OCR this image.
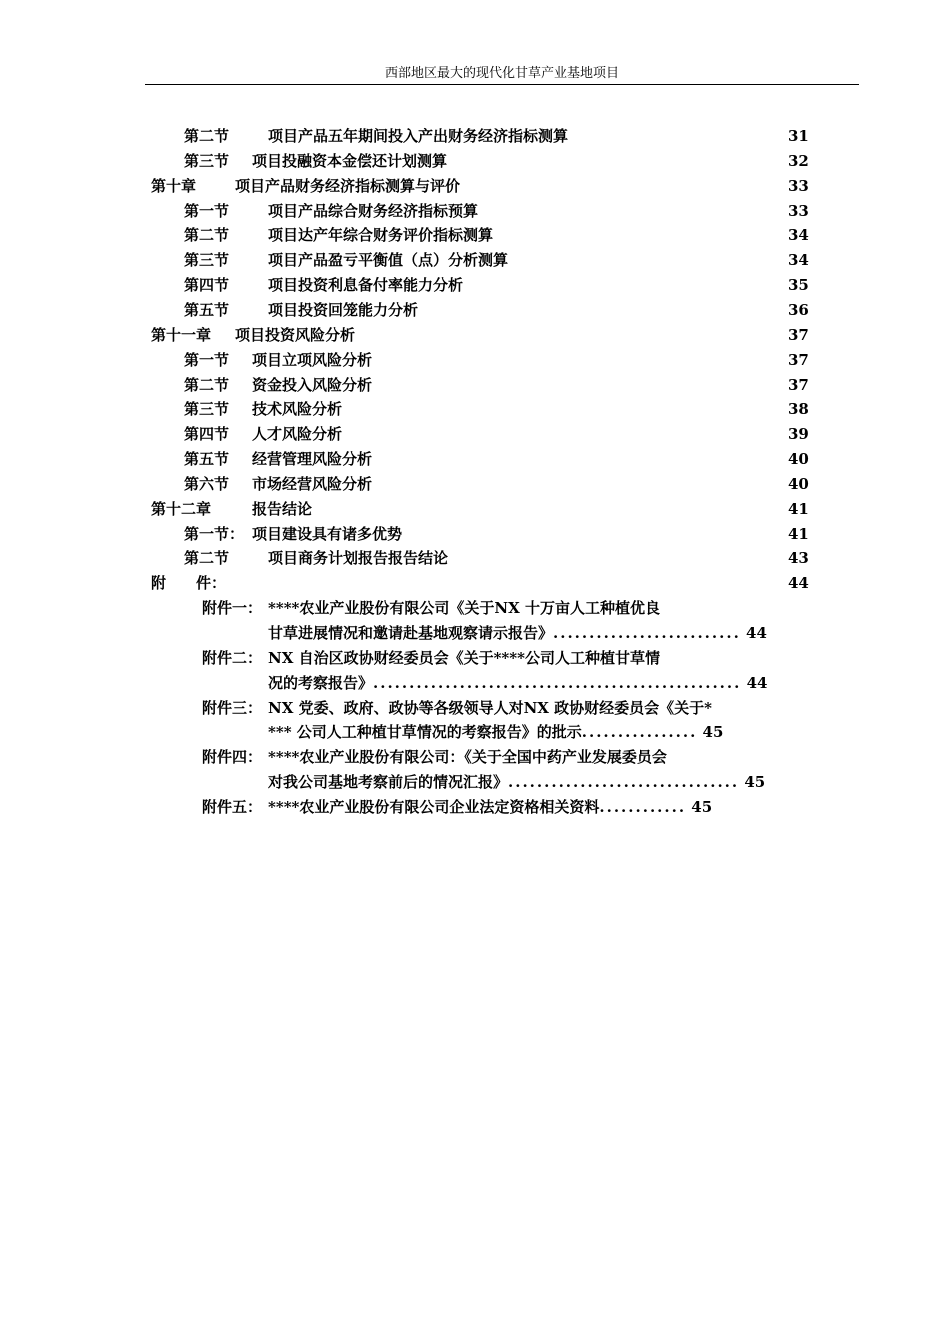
西部地区最大的现代化甘草产业基地项目
第二节	项目产品五年期间投入产出财务经济指标测算	31
第三节 项目投融资本金偿还计划测算	32
第十章	项目产品财务经济指标测算与评价	33
第一节	项目产品综合财务经济指标预算	33
第二节	项目达产年综合财务评价指标测算	34
第三节	项目产品盈亏平衡值（点）分析测算	34
第四节	项目投资利息备付率能力分析	35
第五节	项目投资回笼能力分析	36
第十一章 项目投资风险分析	37
第一节 项目立项风险分析	37
第二节 资金投入风险分析	37
第三节 技术风险分析	38
第四节 人才风险分析	39
第五节 经营管理风险分析	40
第六节 市场经营风险分析	40
第十二章	报告结论	41
第一节： 项目建设具有诸多优势	41
第二节	项目商务计划报告报告结论	43
附　　件：	44
附件一： ****农业产业股份有限公司《关于NX 十万亩人工种植优良
甘草进展情况和邀请赴基地观察请示报告》.......................... 44
附件二： NX 自治区政协财经委员会《关于****公司人工种植甘草情
况的考察报告》................................................... 44
附件三： NX 党委、政府、政协等各级领导人对NX 政协财经委员会《关于*
*** 公司人工种植甘草情况的考察报告》的批示................ 45
附件四： ****农业产业股份有限公司：《关于全国中药产业发展委员会
对我公司基地考察前后的情况汇报》................................ 45
附件五： ****农业产业股份有限公司企业法定资格相关资料............ 45
